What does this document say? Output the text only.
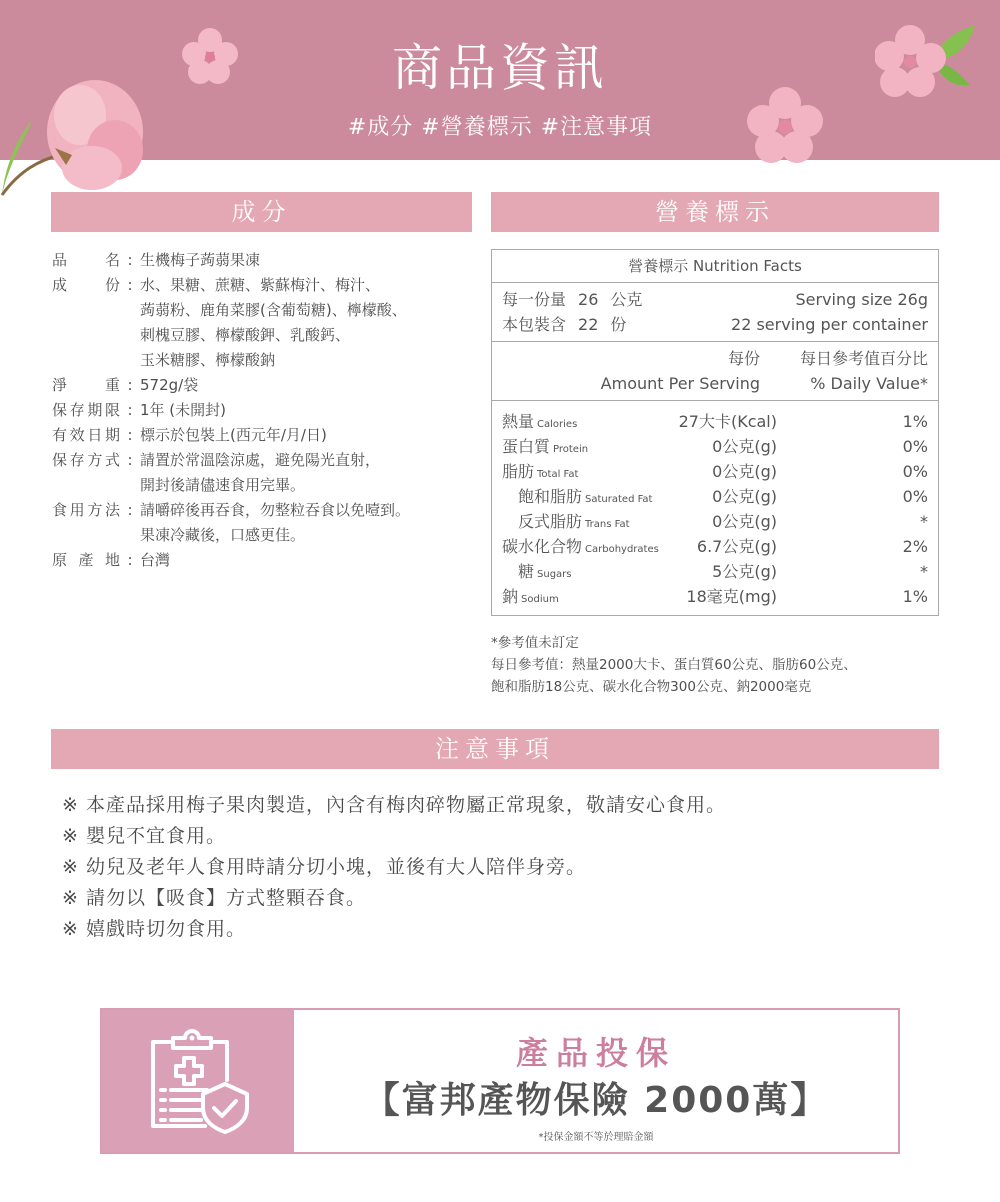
商品資訊
#成分 #營養標示 #注意事項
成分	營養標示
品	名 : 生機梅子蒟蒻果凍
成	份 : 水、果糖、蔗糖、紫蘇梅汁、梅汁、
蒟蒻粉、鹿角菜膠(含葡萄糖)、檸檬酸、
刺槐豆膠、檸檬酸鉀、乳酸鈣、
玉米糖膠、檸檬酸鈉
淨	重 : 572g/袋
保 存 期 限 : 1年 (未開封)
有 效 日 期 : 標示於包裝上(西元年/月/日)
保 存 方 式 : 請置於常溫陰涼處，避免陽光直射，
開封後請儘速食用完畢。
食 用 方 法 : 請嚼碎後再吞食，勿整粒吞食以免噎到。
果凍冷藏後，口感更佳。
原 產 地 : 台灣
營養標示 Nutrition Facts
每一份量 26 公克	Serving size 26g
本包裝含 22 份	22 serving per container
每份	每日參考值百分比
Amount Per Serving	% Daily Value*
熱量 Calories	27大卡(Kcal)	1%
蛋白質 Protein	0公克(g)	0%
脂肪 Total Fat	0公克(g)	0%
飽和脂肪 Saturated Fat	0公克(g)	0%
反式脂肪 Trans Fat	0公克(g)	*
碳水化合物 Carbohydrates	6.7公克(g)	2%
糖 Sugars	5公克(g)	*
鈉 Sodium	18毫克(mg)	1%
*參考值未訂定
每日參考值：熱量2000大卡、蛋白質60公克、脂肪60公克、
飽和脂肪18公克、碳水化合物300公克、鈉2000毫克
注意事項
※ 本產品採用梅子果肉製造，內含有梅肉碎物屬正常現象，敬請安心食用。
※ 嬰兒不宜食用。
※ 幼兒及老年人食用時請分切小塊，並後有大人陪伴身旁。
※ 請勿以【吸食】方式整顆吞食。
※ 嬉戲時切勿食用。
產品投保
【富邦產物保險 2000萬】
*投保金額不等於理賠金額
